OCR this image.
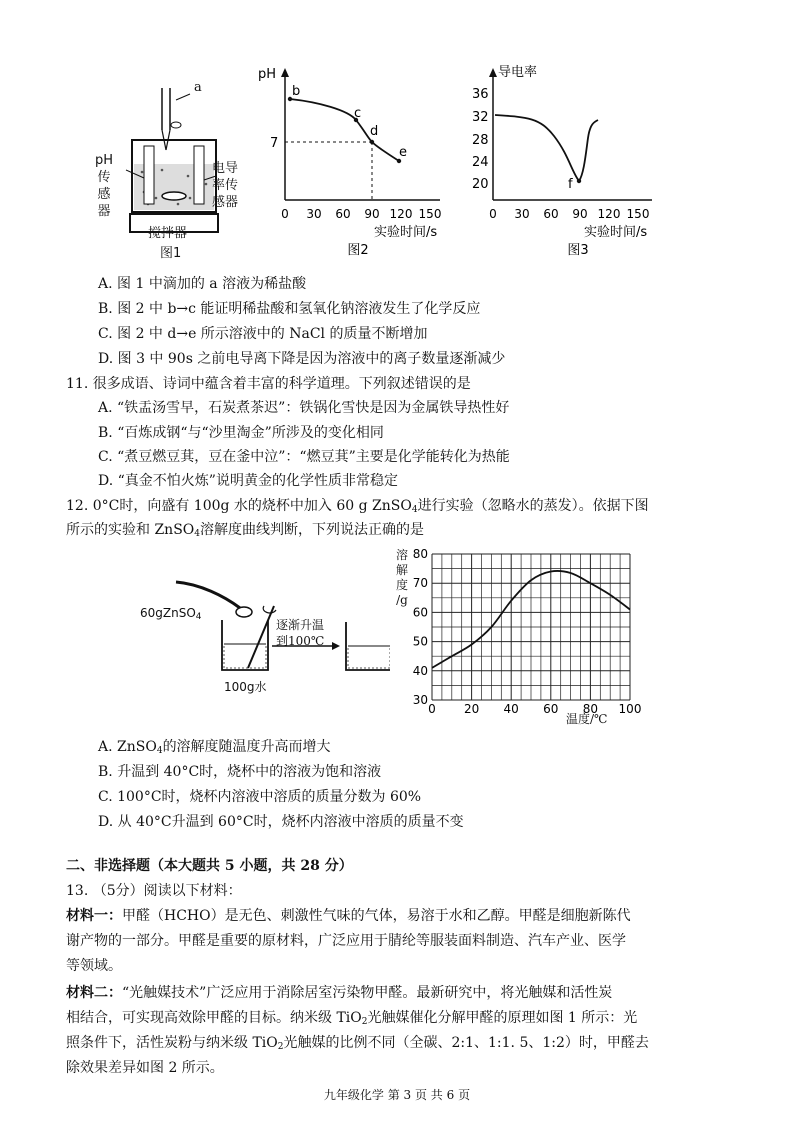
a
pH
传
感
器
电导
率传
感器
搅拌器
图1
pH
7
b
c
d
e
0 30 60 90 120 150
实验时间/s
图2
导电率
36
32
28
24
20	f
0 30 60 90 120 150
实验时间/s
图3
A. 图 1 中滴加的 a 溶液为稀盐酸
B. 图 2 中 b→c 能证明稀盐酸和氢氧化钠溶液发生了化学反应
C. 图 2 中 d→e 所示溶液中的 NaCl 的质量不断增加
D. 图 3 中 90s 之前电导离下降是因为溶液中的离子数量逐渐减少
11. 很多成语、诗词中蕴含着丰富的科学道理。下列叙述错误的是
A. “铁盂汤雪早，石炭煮茶迟”：铁锅化雪快是因为金属铁导热性好
B. “百炼成钢“与“沙里淘金”所涉及的变化相同
C. “煮豆燃豆萁，豆在釜中泣”：“燃豆萁”主要是化学能转化为热能
D. “真金不怕火炼”说明黄金的化学性质非常稳定
12. 0°C时，向盛有 100g 水的烧杯中加入 60 g ZnSO$_4$进行实验（忽略水的蒸发）。依据下图
所示的实验和 ZnSO$_4$溶解度曲线判断，下列说法正确的是
60gZnSO$_4$
逐渐升温
到100℃
100g水
30
40
50
60
70
80
0 20 40 60 80 100
溶
解
度
/g
温度/℃
A. ZnSO$_4$的溶解度随温度升高而增大
B. 升温到 40°C时，烧杯中的溶液为饱和溶液
C. 100°C时，烧杯内溶液中溶质的质量分数为 60%
D. 从 40°C升温到 60°C时，烧杯内溶液中溶质的质量不变
二、非选择题（本大题共 5 小题，共 28 分）
13. （5分）阅读以下材料：
材料一：甲醛（HCHO）是无色、刺激性气味的气体，易溶于水和乙醇。甲醛是细胞新陈代
谢产物的一部分。甲醛是重要的原材料，广泛应用于腈纶等服装面料制造、汽车产业、医学
等领域。
材料二：“光触媒技术”广泛应用于消除居室污染物甲醛。最新研究中，将光触媒和活性炭
相结合，可实现高效除甲醛的目标。纳米级 TiO$_2$光触媒催化分解甲醛的原理如图 1 所示：光
照条件下，活性炭粉与纳米级 TiO$_2$光触媒的比例不同（全碳、2:1、1:1. 5、1:2）时，甲醛去
除效果差异如图 2 所示。
九年级化学 第 3 页 共 6 页
